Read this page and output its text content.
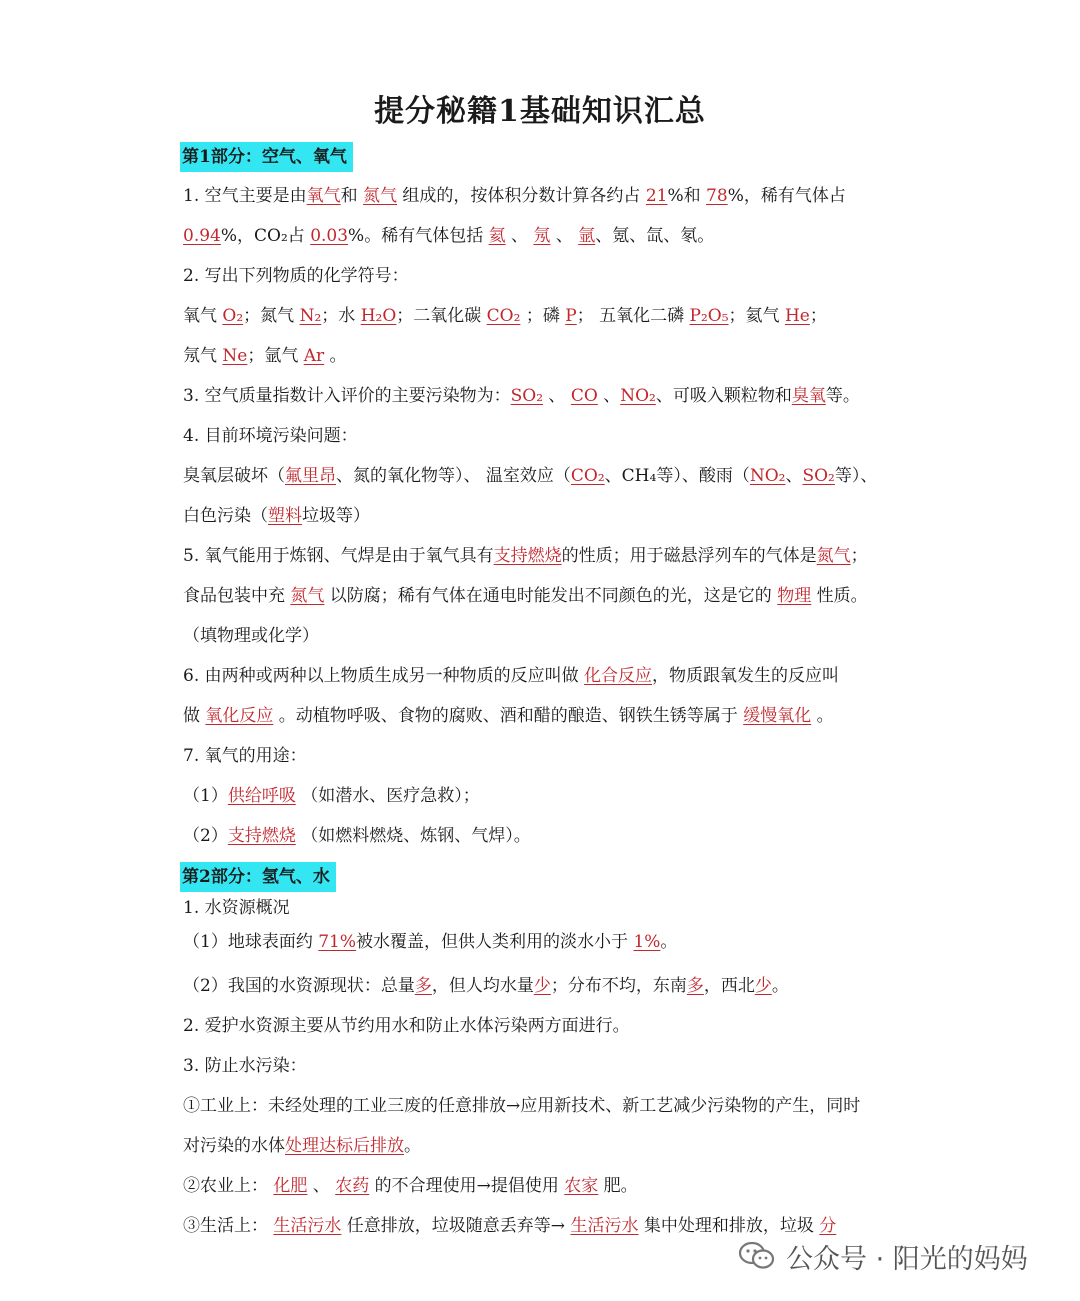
提分秘籍1基础知识汇总
第1部分：空气、氧气
第2部分：氢气、水
1. 空气主要是由氧气和 氮气 组成的，按体积分数计算各约占 21%和 78%，稀有气体占
0.94%，CO₂占 0.03%。稀有气体包括 氦 、 氖 、 氩、氪、氙、氡。
2. 写出下列物质的化学符号：
氧气 O₂；氮气 N₂；水 H₂O；二氧化碳 CO₂ ；磷 P； 五氧化二磷 P₂O₅；氦气 He；
氖气 Ne；氩气 Ar 。
3. 空气质量指数计入评价的主要污染物为：SO₂ 、 CO 、NO₂、可吸入颗粒物和臭氧等。
4. 目前环境污染问题：
臭氧层破坏（氟里昂、氮的氧化物等）、 温室效应（CO₂、CH₄等）、酸雨（NO₂、SO₂等）、
白色污染（塑料垃圾等）
5. 氧气能用于炼钢、气焊是由于氧气具有支持燃烧的性质；用于磁悬浮列车的气体是氮气；
食品包装中充 氮气 以防腐；稀有气体在通电时能发出不同颜色的光，这是它的 物理 性质。
（填物理或化学）
6. 由两种或两种以上物质生成另一种物质的反应叫做 化合反应，物质跟氧发生的反应叫
做 氧化反应 。动植物呼吸、食物的腐败、酒和醋的酿造、钢铁生锈等属于 缓慢氧化 。
7. 氧气的用途：
（1）供给呼吸 （如潜水、医疗急救）；
（2）支持燃烧 （如燃料燃烧、炼钢、气焊）。
1. 水资源概况
（1）地球表面约 71%被水覆盖，但供人类利用的淡水小于 1%。
（2）我国的水资源现状：总量多，但人均水量少；分布不均，东南多，西北少。
2. 爱护水资源主要从节约用水和防止水体污染两方面进行。
3. 防止水污染：
①工业上：未经处理的工业三废的任意排放→应用新技术、新工艺减少污染物的产生，同时
对污染的水体处理达标后排放。
②农业上： 化肥 、 农药 的不合理使用→提倡使用 农家 肥。
③生活上： 生活污水 任意排放，垃圾随意丢弃等→ 生活污水 集中处理和排放，垃圾 分
公众号 · 阳光的妈妈
